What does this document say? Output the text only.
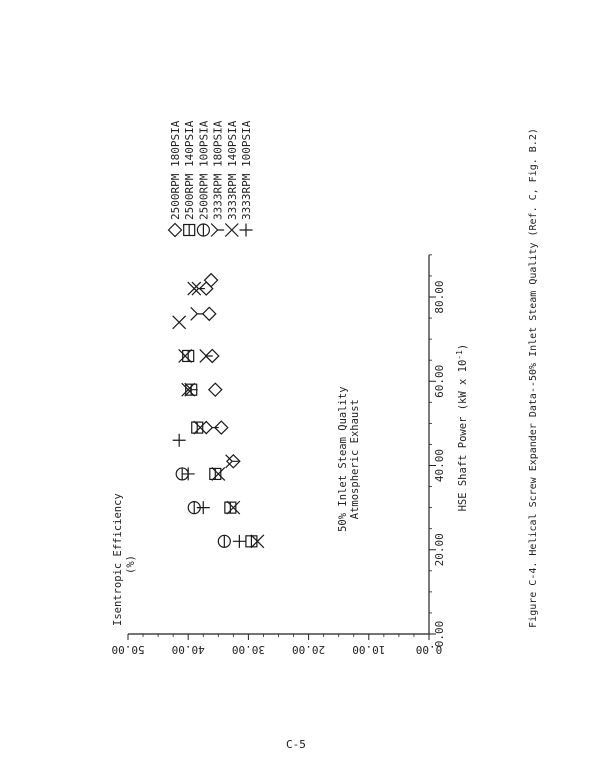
0.00
20.00
40.00
60.00
80.00
0.00
10.00
20.00
30.00
40.00
50.00
Isentropic Efficiency (%)
HSE Shaft Power (kW x $10^{-1}$)
50% Inlet Steam Quality Atmospheric Exhaust
2500RPM 180PSIA 2500RPM 140PSIA 2500RPM 100PSIA 3333RPM 180PSIA 3333RPM 140PSIA 3333RPM 100PSIA	Figure C-4. Helical Screw Expander Data--50% Inlet Steam Quality (Ref. C, Fig. B.2)
C-5
